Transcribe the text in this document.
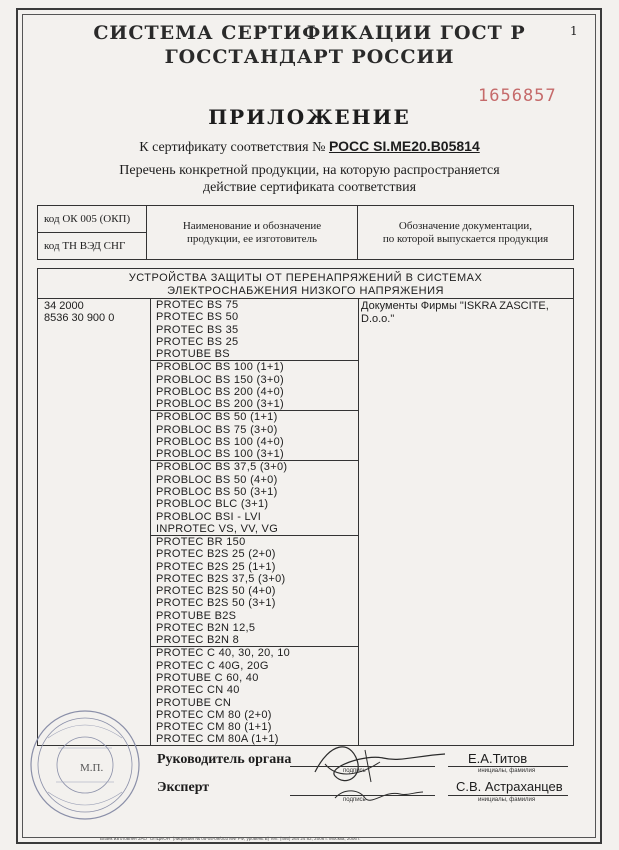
СИСТЕМА СЕРТИФИКАЦИИ ГОСТ Р
ГОССТАНДАРТ РОССИИ
1
1656857
ПРИЛОЖЕНИЕ
К сертификату соответствия № РОСС SI.ME20.B05814
Перечень конкретной продукции, на которую распространяется
действие сертификата соответствия
код ОК 005 (ОКП)
код ТН ВЭД СНГ
Наименование и обозначение
продукции, ее изготовитель
Обозначение документации,
по которой выпускается продукция
УСТРОЙСТВА ЗАЩИТЫ ОТ ПЕРЕНАПРЯЖЕНИЙ В СИСТЕМАХ
ЭЛЕКТРОСНАБЖЕНИЯ НИЗКОГО НАПРЯЖЕНИЯ
34 2000
8536 30 900 0
Документы Фирмы "ISKRA ZASCITE,
D.o.o."
PROTEC BS 75
PROTEC BS 50
PROTEC BS 35
PROTEC BS 25
PROTUBE BS
PROBLOC BS 100 (1+1)
PROBLOC BS 150 (3+0)
PROBLOC BS 200 (4+0)
PROBLOC BS 200 (3+1)
PROBLOC BS 50 (1+1)
PROBLOC BS 75 (3+0)
PROBLOC BS 100 (4+0)
PROBLOC BS 100 (3+1)
PROBLOC BS 37,5 (3+0)
PROBLOC BS 50 (4+0)
PROBLOC BS 50 (3+1)
PROBLOC BLC (3+1)
PROBLOC BSI - LVI
INPROTEC VS, VV, VG
PROTEC BR 150
PROTEC B2S 25 (2+0)
PROTEC B2S 25 (1+1)
PROTEC B2S 37,5 (3+0)
PROTEC B2S 50 (4+0)
PROTEC B2S 50 (3+1)
PROTUBE B2S
PROTEC B2N 12,5
PROTEC B2N 8
PROTEC C 40, 30, 20, 10
PROTEC C 40G, 20G
PROTUBE C 60, 40
PROTEC CN 40
PROTUBE CN
PROTEC CM 80 (2+0)
PROTEC CM 80 (1+1)
PROTEC CM 80A (1+1)
М.П.
Руководитель органа
Эксперт
Е.А.Титов
С.В. Астраханцев
подпись
подпись
инициалы, фамилия
инициалы, фамилия
Бланк изготовлен ЗАО "ОПЦИОН" (лицензия № 05-05-09/003 МФ РФ, уровень В) тел. (495) 264 24 82, 2006 г. Москва, 2006 г.
